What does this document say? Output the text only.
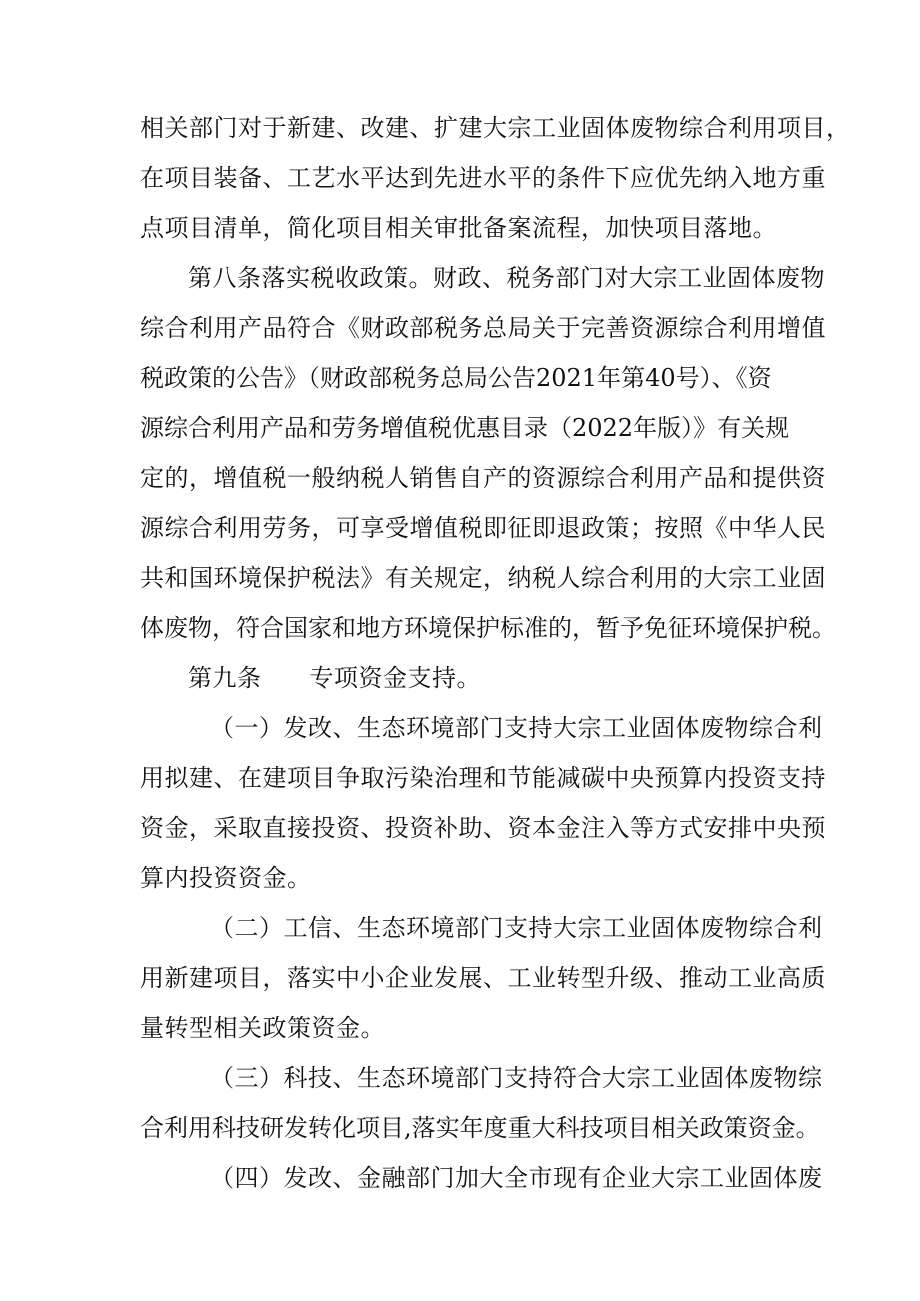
相关部门对于新建、改建、扩建大宗工业固体废物综合利用项目，
在项目装备、工艺水平达到先进水平的条件下应优先纳入地方重
点项目清单，简化项目相关审批备案流程，加快项目落地。
第八条落实税收政策。财政、税务部门对大宗工业固体废物
综合利用产品符合《财政部税务总局关于完善资源综合利用增值
税政策的公告》（财政部税务总局公告2021年第40号）、《资
源综合利用产品和劳务增值税优惠目录（2022年版）》有关规
定的，增值税一般纳税人销售自产的资源综合利用产品和提供资
源综合利用劳务，可享受增值税即征即退政策；按照《中华人民
共和国环境保护税法》有关规定，纳税人综合利用的大宗工业固
体废物，符合国家和地方环境保护标准的，暂予免征环境保护税。
第九条 专项资金支持。
（一）发改、生态环境部门支持大宗工业固体废物综合利
用拟建、在建项目争取污染治理和节能减碳中央预算内投资支持
资金，采取直接投资、投资补助、资本金注入等方式安排中央预
算内投资资金。
（二）工信、生态环境部门支持大宗工业固体废物综合利
用新建项目，落实中小企业发展、工业转型升级、推动工业高质
量转型相关政策资金。
（三）科技、生态环境部门支持符合大宗工业固体废物综
合利用科技研发转化项目,落实年度重大科技项目相关政策资金。
（四）发改、金融部门加大全市现有企业大宗工业固体废
